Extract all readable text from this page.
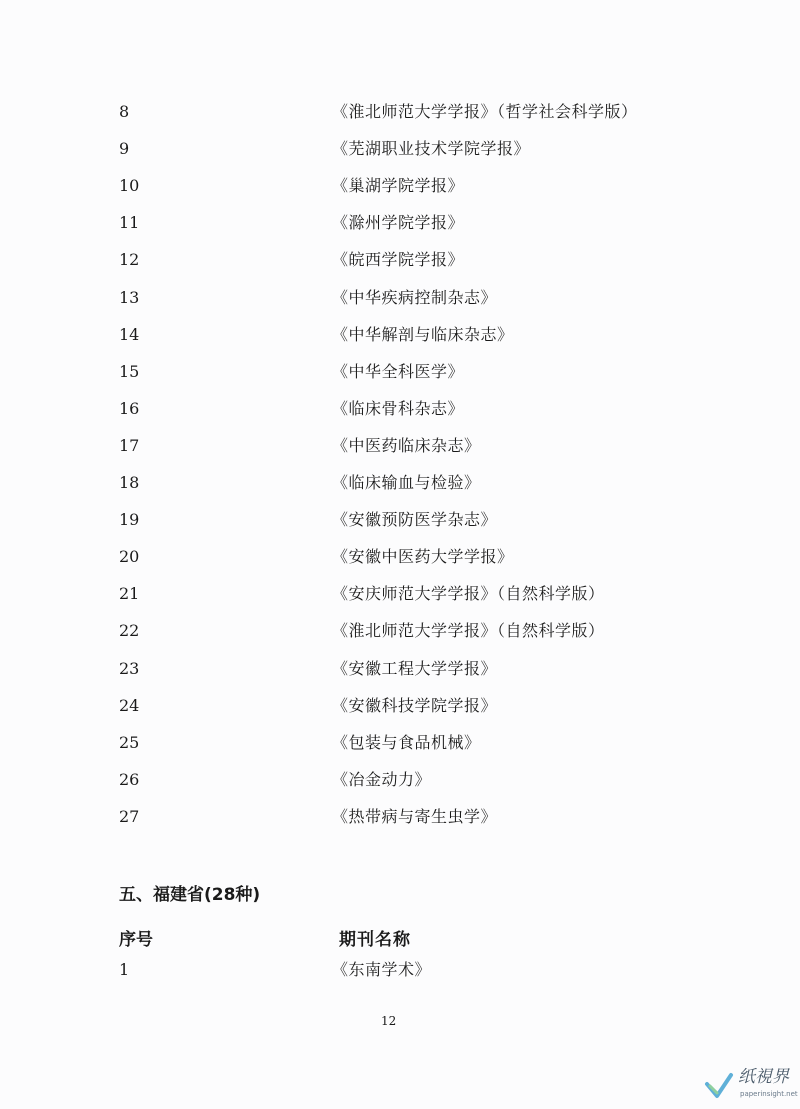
8	《淮北师范大学学报》（哲学社会科学版）
9	《芜湖职业技术学院学报》
10	《巢湖学院学报》
11	《滁州学院学报》
12	《皖西学院学报》
13	《中华疾病控制杂志》
14	《中华解剖与临床杂志》
15	《中华全科医学》
16	《临床骨科杂志》
17	《中医药临床杂志》
18	《临床输血与检验》
19	《安徽预防医学杂志》
20	《安徽中医药大学学报》
21	《安庆师范大学学报》（自然科学版）
22	《淮北师范大学学报》（自然科学版）
23	《安徽工程大学学报》
24	《安徽科技学院学报》
25	《包装与食品机械》
26	《冶金动力》
27	《热带病与寄生虫学》
五、福建省(28种)
序号	期刊名称
1	《东南学术》
12
纸視界
paperinsight.net
